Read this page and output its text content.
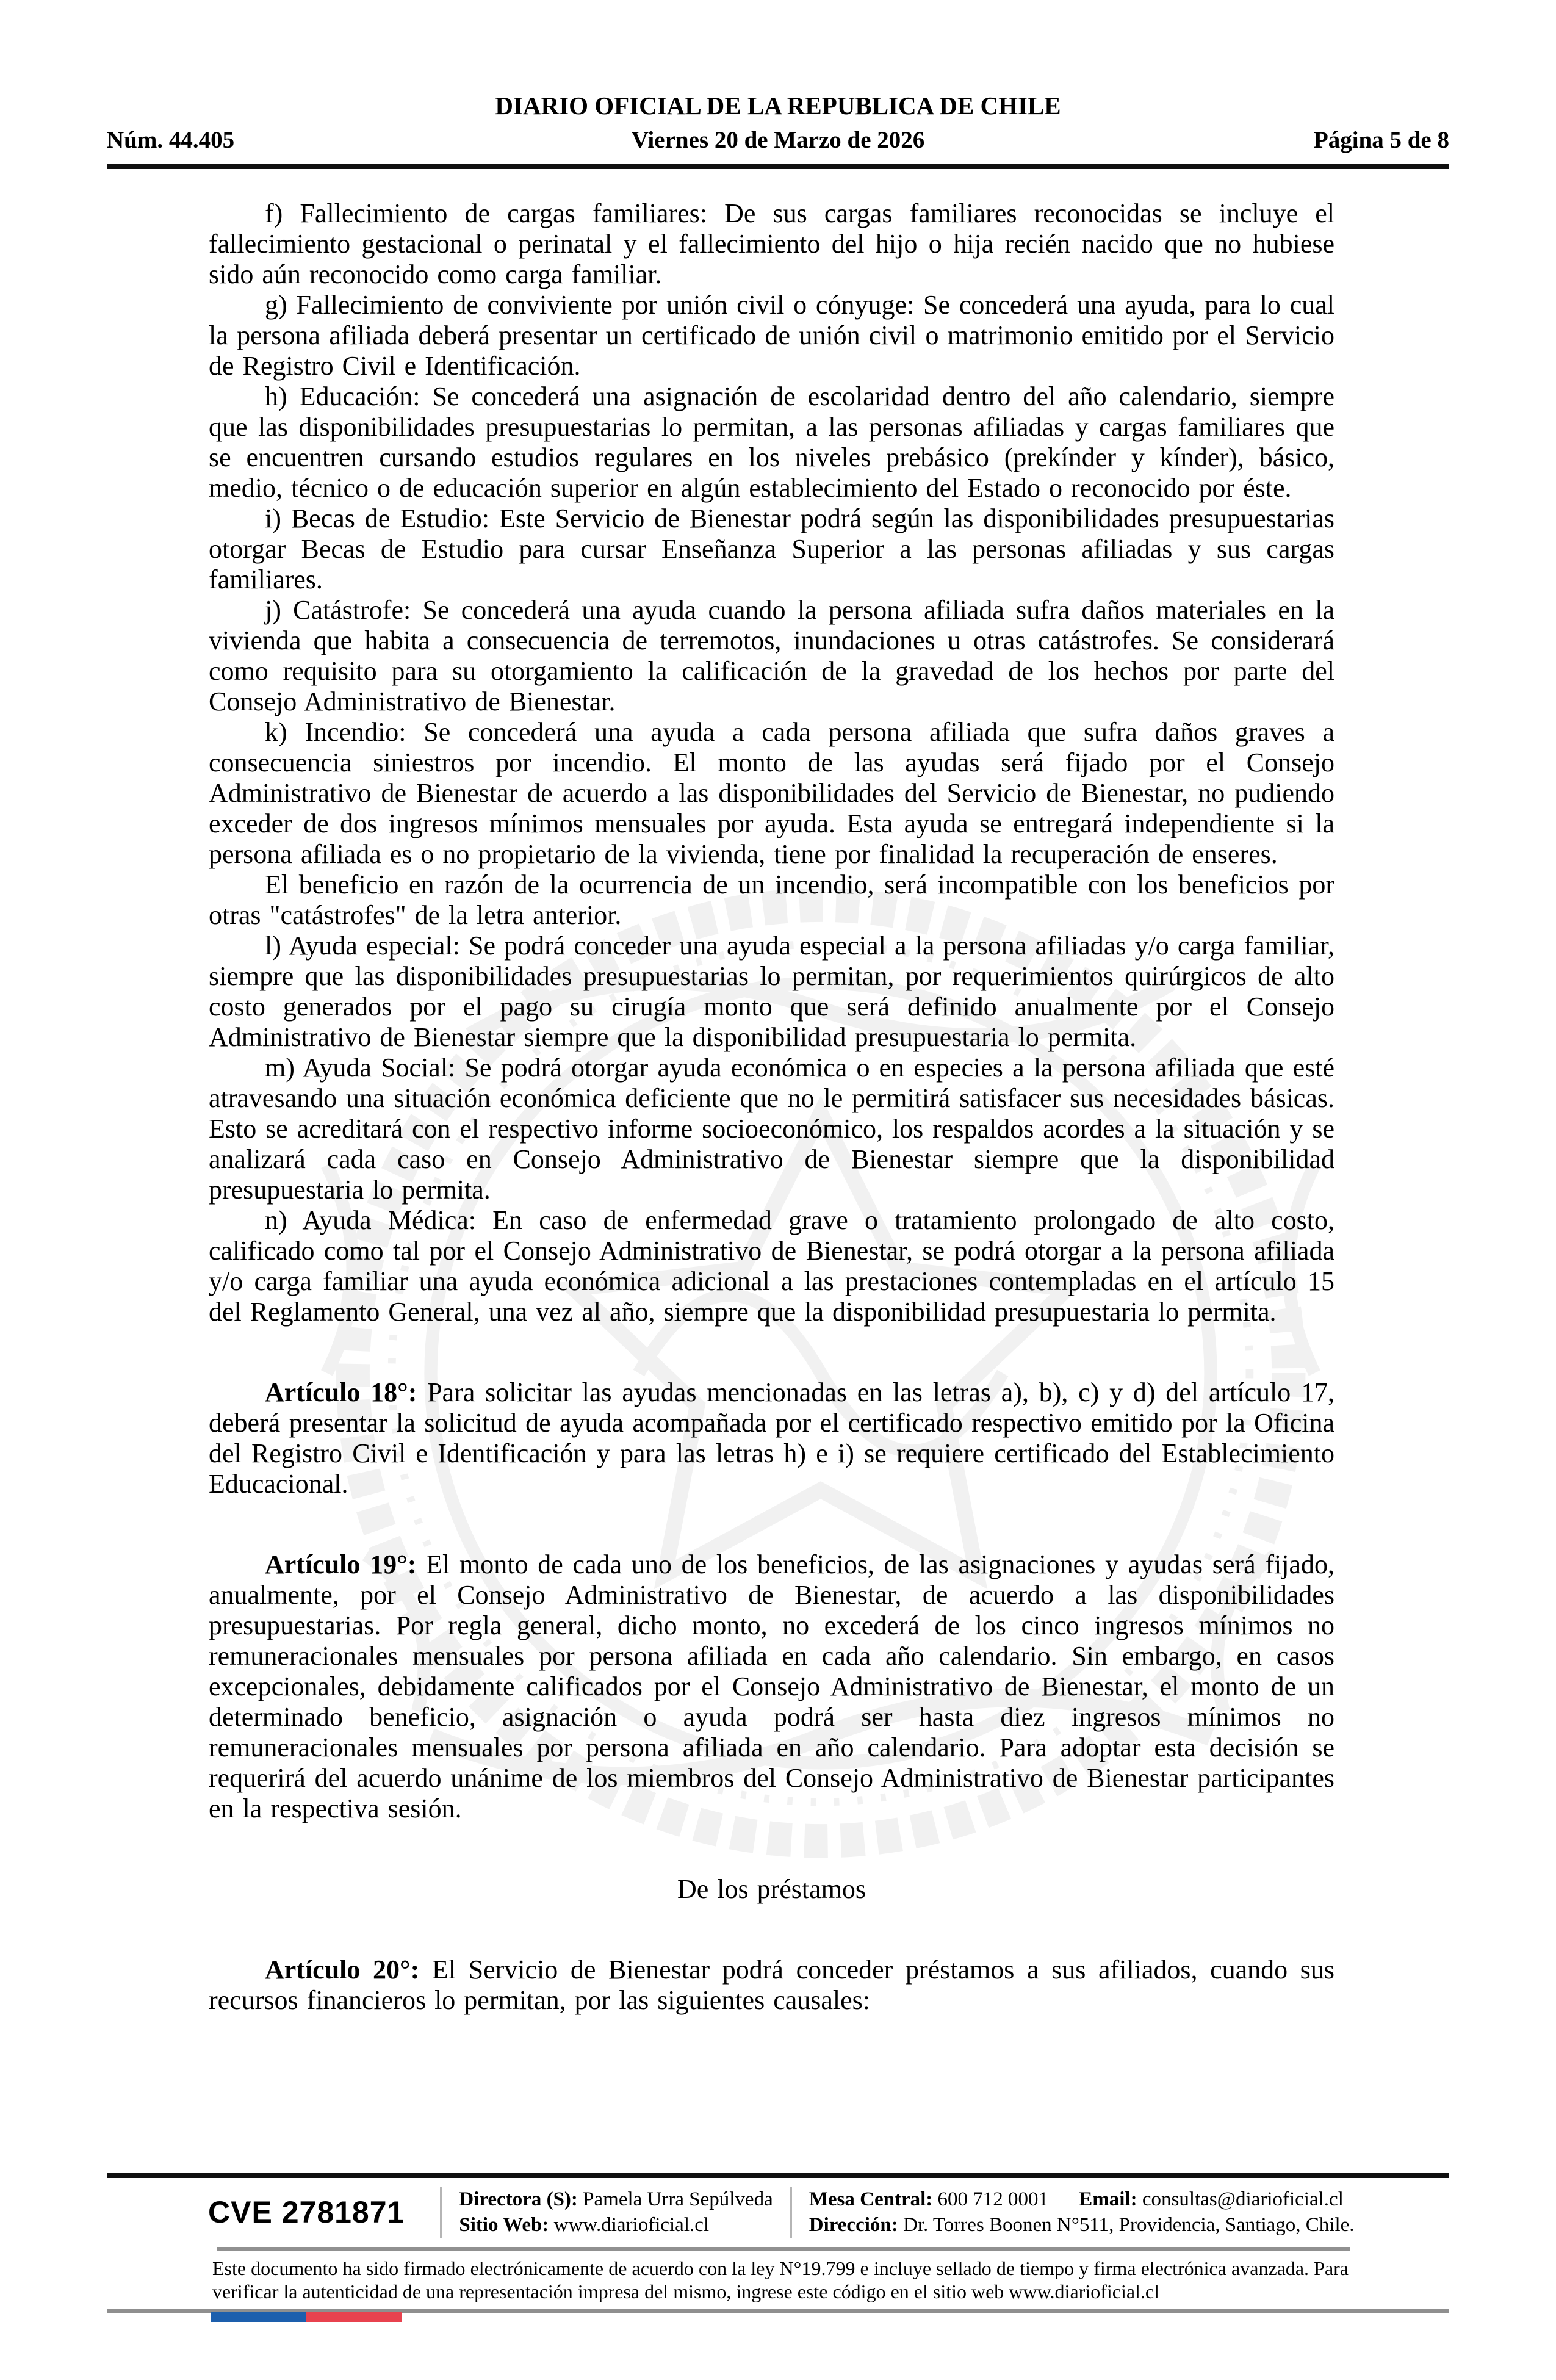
DIARIO OFICIAL DE LA REPUBLICA DE CHILE
Núm. 44.405	Viernes 20 de Marzo de 2026	Página 5 de 8

f) Fallecimiento de cargas familiares: De sus cargas familiares reconocidas se incluye el fallecimiento gestacional o perinatal y el fallecimiento del hijo o hija recién nacido que no hubiese sido aún reconocido como carga familiar.

g) Fallecimiento de conviviente por unión civil o cónyuge: Se concederá una ayuda, para lo cual la persona afiliada deberá presentar un certificado de unión civil o matrimonio emitido por el Servicio de Registro Civil e Identificación.

h) Educación: Se concederá una asignación de escolaridad dentro del año calendario, siempre que las disponibilidades presupuestarias lo permitan, a las personas afiliadas y cargas familiares que se encuentren cursando estudios regulares en los niveles prebásico (prekínder y kínder), básico, medio, técnico o de educación superior en algún establecimiento del Estado o reconocido por éste.

i) Becas de Estudio: Este Servicio de Bienestar podrá según las disponibilidades presupuestarias otorgar Becas de Estudio para cursar Enseñanza Superior a las personas afiliadas y sus cargas familiares.

j) Catástrofe: Se concederá una ayuda cuando la persona afiliada sufra daños materiales en la vivienda que habita a consecuencia de terremotos, inundaciones u otras catástrofes. Se considerará como requisito para su otorgamiento la calificación de la gravedad de los hechos por parte del Consejo Administrativo de Bienestar.

k) Incendio: Se concederá una ayuda a cada persona afiliada que sufra daños graves a consecuencia siniestros por incendio. El monto de las ayudas será fijado por el Consejo Administrativo de Bienestar de acuerdo a las disponibilidades del Servicio de Bienestar, no pudiendo exceder de dos ingresos mínimos mensuales por ayuda. Esta ayuda se entregará independiente si la persona afiliada es o no propietario de la vivienda, tiene por finalidad la recuperación de enseres.

El beneficio en razón de la ocurrencia de un incendio, será incompatible con los beneficios por otras "catástrofes" de la letra anterior.

l) Ayuda especial: Se podrá conceder una ayuda especial a la persona afiliadas y/o carga familiar, siempre que las disponibilidades presupuestarias lo permitan, por requerimientos quirúrgicos de alto costo generados por el pago su cirugía monto que será definido anualmente por el Consejo Administrativo de Bienestar siempre que la disponibilidad presupuestaria lo permita.

m) Ayuda Social: Se podrá otorgar ayuda económica o en especies a la persona afiliada que esté atravesando una situación económica deficiente que no le permitirá satisfacer sus necesidades básicas. Esto se acreditará con el respectivo informe socioeconómico, los respaldos acordes a la situación y se analizará cada caso en Consejo Administrativo de Bienestar siempre que la disponibilidad presupuestaria lo permita.

n) Ayuda Médica: En caso de enfermedad grave o tratamiento prolongado de alto costo, calificado como tal por el Consejo Administrativo de Bienestar, se podrá otorgar a la persona afiliada y/o carga familiar una ayuda económica adicional a las prestaciones contempladas en el artículo 15 del Reglamento General, una vez al año, siempre que la disponibilidad presupuestaria lo permita.

Artículo 18°: Para solicitar las ayudas mencionadas en las letras a), b), c) y d) del artículo 17, deberá presentar la solicitud de ayuda acompañada por el certificado respectivo emitido por la Oficina del Registro Civil e Identificación y para las letras h) e i) se requiere certificado del Establecimiento Educacional.

Artículo 19°: El monto de cada uno de los beneficios, de las asignaciones y ayudas será fijado, anualmente, por el Consejo Administrativo de Bienestar, de acuerdo a las disponibilidades presupuestarias. Por regla general, dicho monto, no excederá de los cinco ingresos mínimos no remuneracionales mensuales por persona afiliada en cada año calendario. Sin embargo, en casos excepcionales, debidamente calificados por el Consejo Administrativo de Bienestar, el monto de un determinado beneficio, asignación o ayuda podrá ser hasta diez ingresos mínimos no remuneracionales mensuales por persona afiliada en año calendario. Para adoptar esta decisión se requerirá del acuerdo unánime de los miembros del Consejo Administrativo de Bienestar participantes en la respectiva sesión.

De los préstamos

Artículo 20°: El Servicio de Bienestar podrá conceder préstamos a sus afiliados, cuando sus recursos financieros lo permitan, por las siguientes causales:

CVE 2781871	Directora (S): Pamela Urra Sepúlveda
Sitio Web: www.diarioficial.cl
Mesa Central: 600 712 0001 Email: consultas@diarioficial.cl
Dirección: Dr. Torres Boonen N°511, Providencia, Santiago, Chile.
Este documento ha sido firmado electrónicamente de acuerdo con la ley N°19.799 e incluye sellado de tiempo y firma electrónica avanzada. Para verificar la autenticidad de una representación impresa del mismo, ingrese este código en el sitio web www.diarioficial.cl
